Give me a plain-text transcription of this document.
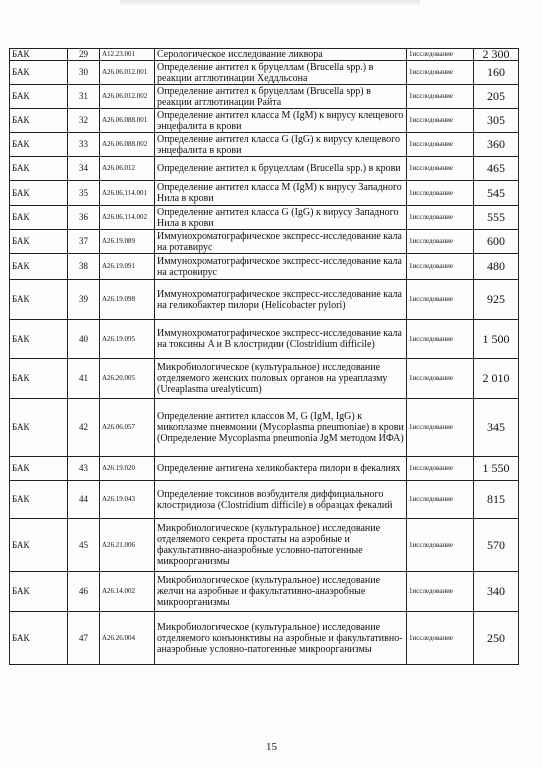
БАК	29	A12.23.001	Серологическое исследование ликвора	1исследование	2 300
БАК	30	A26.06.012.001	Определение антител к бруцеллам (Brucella spp.) в реакции агглютинации Хеддльсона	1исследование	160
БАК	31	A26.06.012.002	Определение антител к бруцеллам (Brucella spp) в реакции агглютинации Райта	1исследование	205
БАК	32	A26.06.088.001	Определение антител класса M (IgM) к вирусу клещевого энцефалита в крови	1исследование	305
БАК	33	A26.06.088.002	Определение антител класса G (IgG) к вирусу клещевого энцефалита в крови	1исследование	360
БАК	34	A26.06.012	Определение антител к бруцеллам (Brucella spp.) в крови	1исследование	465
БАК	35	A26.06.114.001	Определение антител класса M (IgM) к вирусу Западного Нила в крови	1исследование	545
БАК	36	A26.06.114.002	Определение антител класса G (IgG) к вирусу Западного Нила в крови	1исследование	555
БАК	37	A26.19.089	Иммунохроматографическое экспресс-исследование кала на ротавирус	1исследование	600
БАК	38	A26.19.091	Иммунохроматографическое экспресс-исследование кала на астровирус	1исследование	480
БАК	39	A26.19.098	Иммунохроматографическое экспресс-исследование кала на геликобактер пилори (Helicobacter pylori)	1исследование	925
БАК	40	A26.19.095	Иммунохроматографическое экспресс-исследование кала на токсины A и B клостридии (Clostridium difficile)	1исследование	1 500
БАК	41	A26.20.005	Микробиологическое (культуральное) исследование отделяемого женских половых органов на уреаплазму (Ureaplasma urealyticum)	1исследование	2 010
БАК	42	A26.06.057	Определение антител классов M, G (IgM, IgG) к микоплазме пневмонии (Mycoplasma pneumoniae) в крови (Определение Mycoplasma pneumonia JgM методом ИФА)	1исследование	345
БАК	43	A26.19.020	Определение антигена хеликобактера пилори в фекалиях	1исследование	1 550
БАК	44	A26.19.043	Определение токсинов возбудителя диффициального клостридиоза (Clostridium difficile) в образцах фекалий	1исследование	815
БАК	45	A26.21.006	Микробиологическое (культуральное) исследование отделяемого секрета простаты на аэробные и факультативно-анаэробные условно-патогенные микроорганизмы	1исследование	570
БАК	46	A26.14.002	Микробиологическое (культуральное) исследование желчи на аэробные и факультативно-анаэробные микроорганизмы	1исследование	340
БАК	47	A26.26.004	Микробиологическое (культуральное) исследование отделяемого конъюнктивы на аэробные и факультативно-анаэробные условно-патогенные микроорганизмы	1исследование	250
15
